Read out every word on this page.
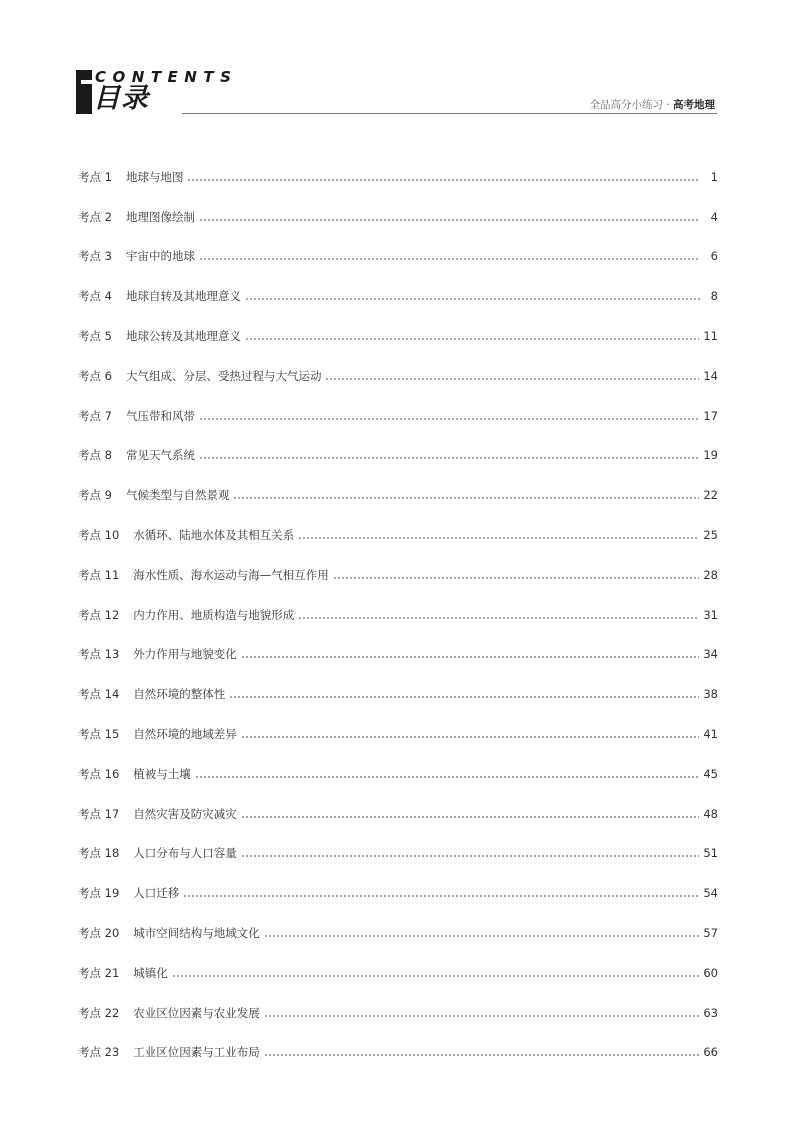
CONTENTS
目录	全品高分小练习 · 高考地理
考点 1 地球与地图	1
考点 2 地理图像绘制	4
考点 3 宇宙中的地球	6
考点 4 地球自转及其地理意义	8
考点 5 地球公转及其地理意义	11
考点 6 大气组成、分层、受热过程与大气运动	14
考点 7 气压带和风带	17
考点 8 常见天气系统	19
考点 9 气候类型与自然景观	22
考点 10 水循环、陆地水体及其相互关系	25
考点 11 海水性质、海水运动与海—气相互作用	28
考点 12 内力作用、地质构造与地貌形成	31
考点 13 外力作用与地貌变化	34
考点 14 自然环境的整体性	38
考点 15 自然环境的地域差异	41
考点 16 植被与土壤	45
考点 17 自然灾害及防灾减灾	48
考点 18 人口分布与人口容量	51
考点 19 人口迁移	54
考点 20 城市空间结构与地域文化	57
考点 21 城镇化	60
考点 22 农业区位因素与农业发展	63
考点 23 工业区位因素与工业布局	66
